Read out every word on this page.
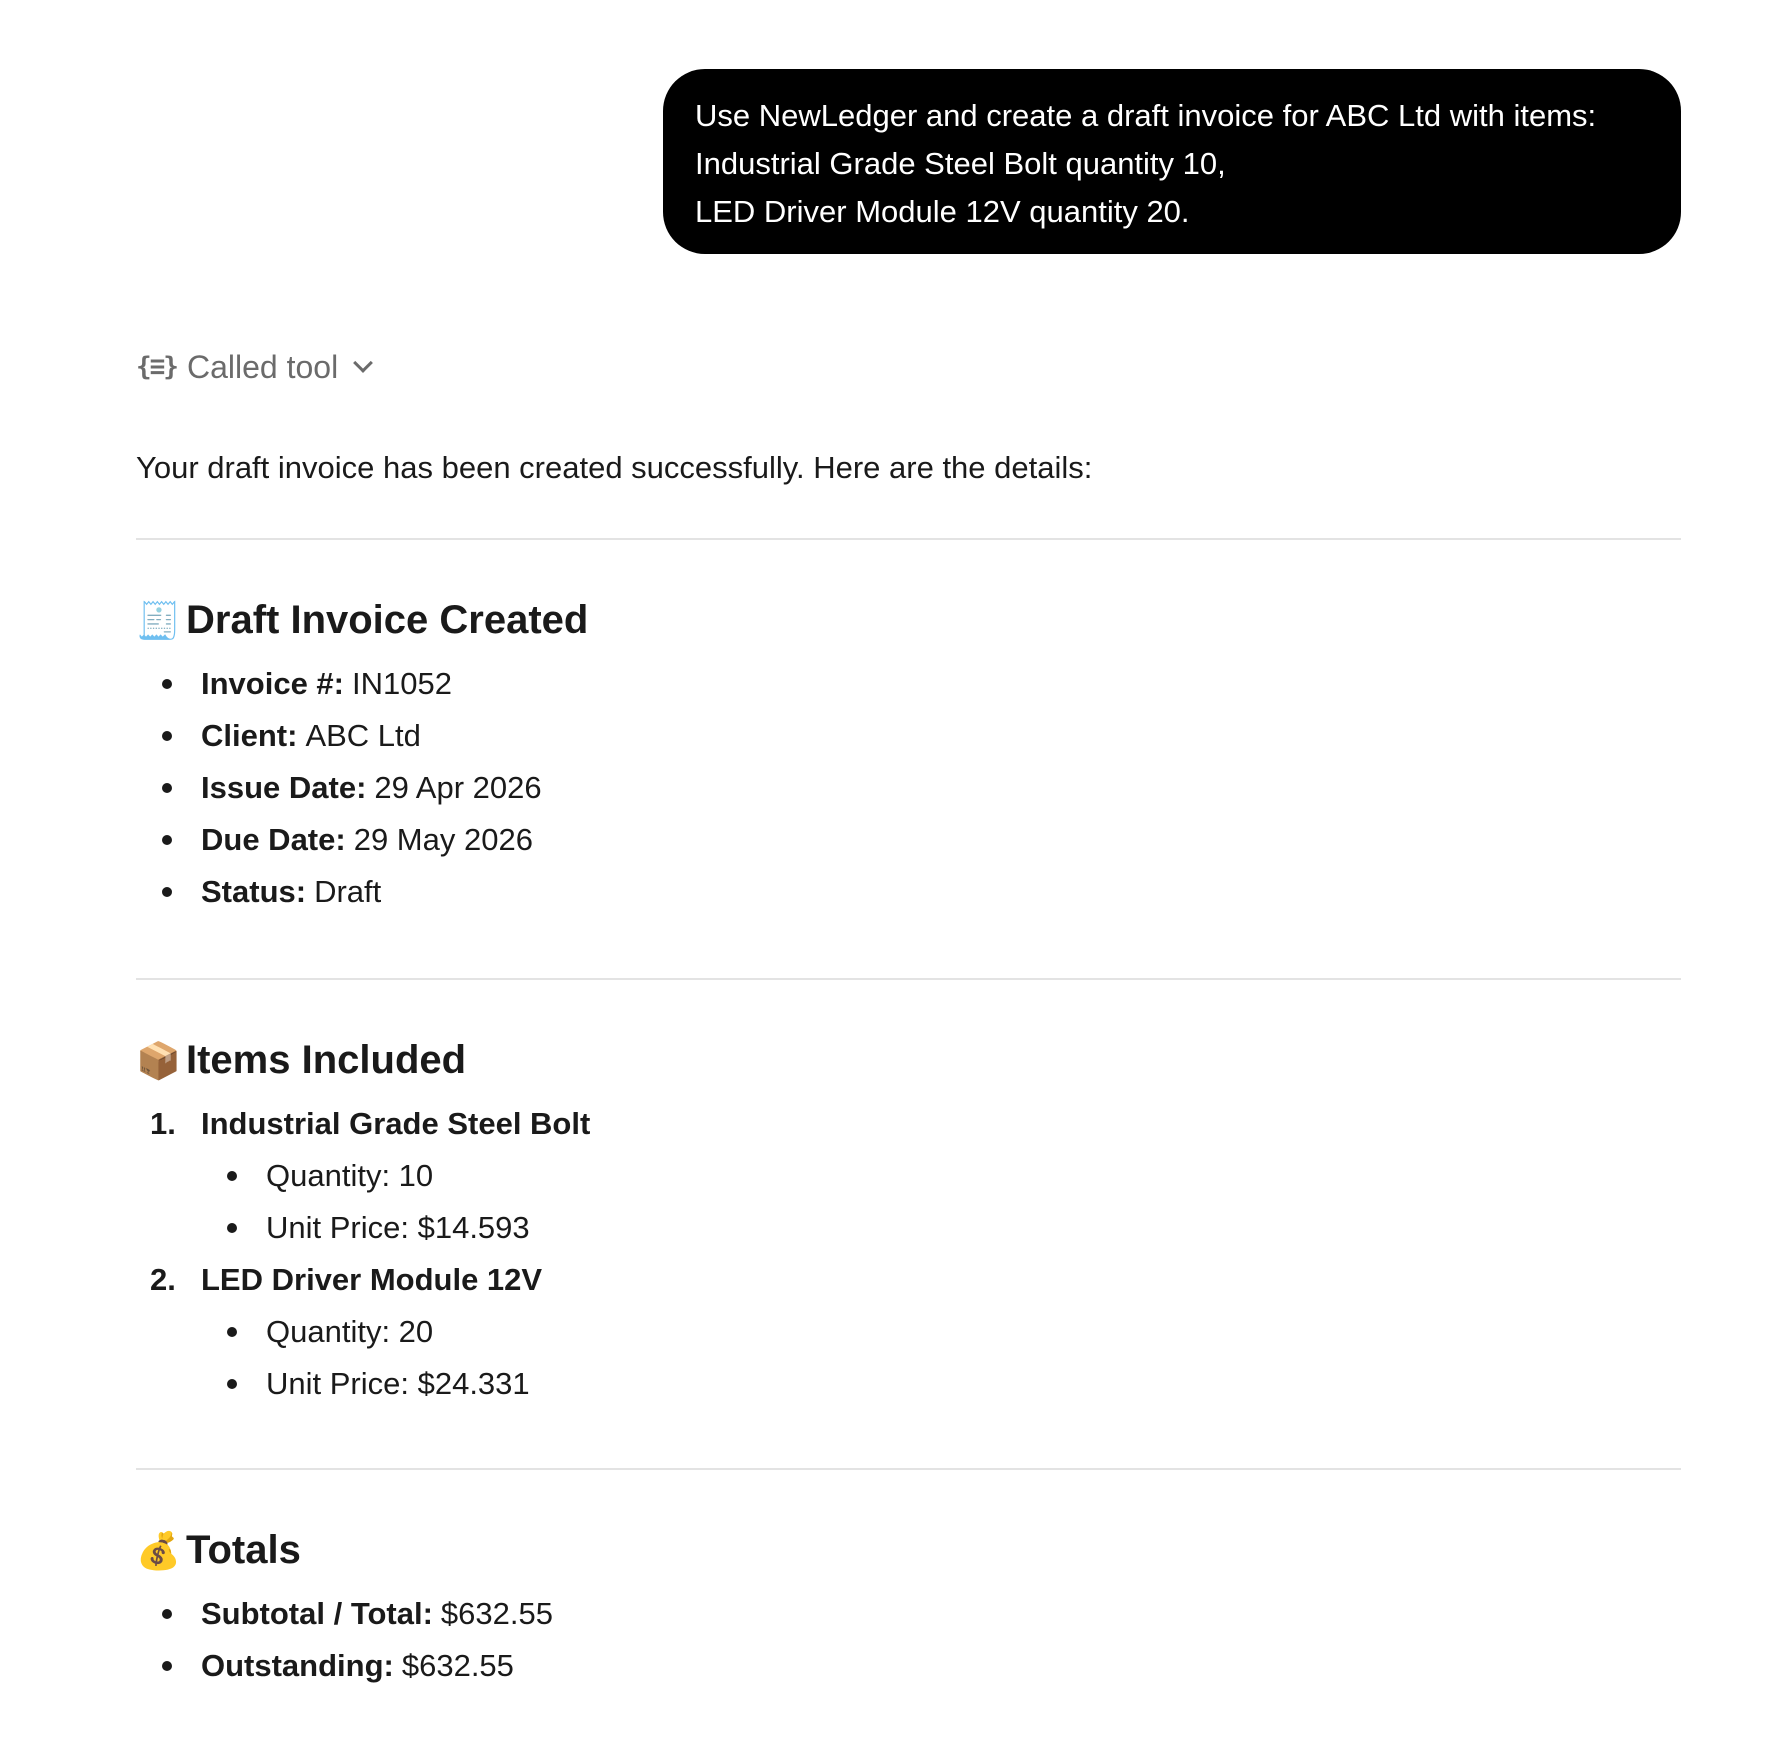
Use NewLedger and create a draft invoice for ABC Ltd with items:
Industrial Grade Steel Bolt quantity 10,
LED Driver Module 12V quantity 20.
{≡} Called tool
Your draft invoice has been created successfully. Here are the details:
🧾 Draft Invoice Created
Invoice #: IN1052
Client: ABC Ltd
Issue Date: 29 Apr 2026
Due Date: 29 May 2026
Status: Draft
📦 Items Included
1. Industrial Grade Steel Bolt
Quantity: 10
Unit Price: $14.593
2. LED Driver Module 12V
Quantity: 20
Unit Price: $24.331
💰 Totals
Subtotal / Total: $632.55
Outstanding: $632.55
